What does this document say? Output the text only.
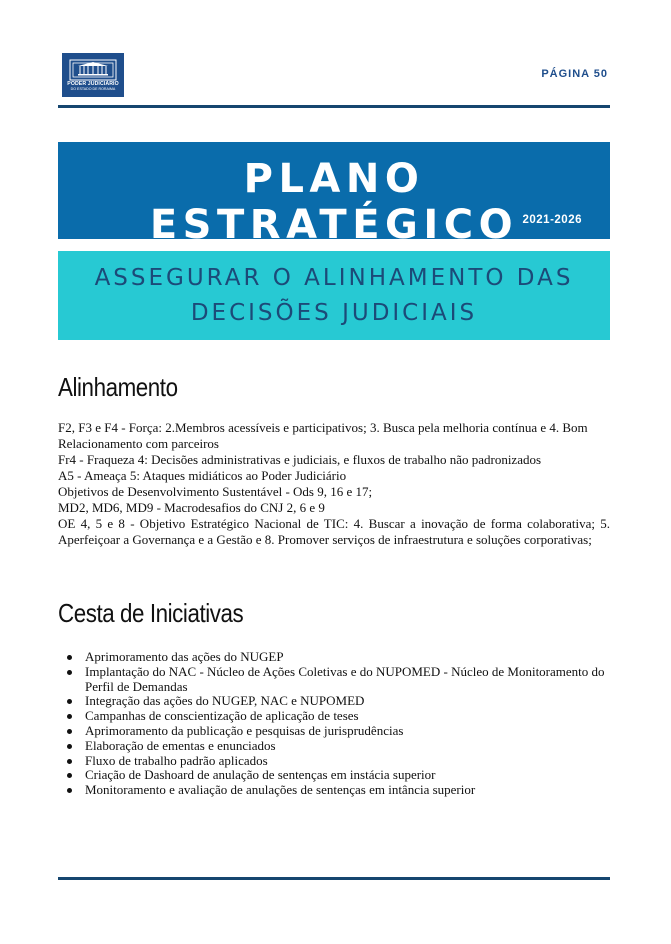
PODER JUDICIÁRIO
DO ESTADO DE RORAIMA
PÁGINA 50
PLANO ESTRATÉGICO 2021-2026
ASSEGURAR O ALINHAMENTO DAS DECISÕES JUDICIAIS
Alinhamento

F2, F3 e F4 - Força: 2.Membros acessíveis e participativos; 3. Busca pela melhoria contínua e 4. Bom Relacionamento com parceiros

Fr4 - Fraqueza 4: Decisões administrativas e judiciais, e fluxos de trabalho não padronizados

A5 - Ameaça 5: Ataques midiáticos ao Poder Judiciário

Objetivos de Desenvolvimento Sustentável - Ods 9, 16 e 17;

MD2, MD6, MD9 - Macrodesafios do CNJ 2, 6 e 9

OE 4, 5 e 8 - Objetivo Estratégico Nacional de TIC: 4. Buscar a inovação de forma colaborativa; 5. Aperfeiçoar a Governança e a Gestão e 8. Promover serviços de infraestrutura e soluções corporativas;

Cesta de Iniciativas
Aprimoramento das ações do NUGEP
Implantação do NAC - Núcleo de Ações Coletivas e do NUPOMED - Núcleo de Monitoramento do Perfil de Demandas
Integração das ações do NUGEP, NAC e NUPOMED
Campanhas de conscientização de aplicação de teses
Aprimoramento da publicação e pesquisas de jurisprudências
Elaboração de ementas e enunciados
Fluxo de trabalho padrão aplicados
Criação de Dashoard de anulação de sentenças em instácia superior
Monitoramento e avaliação de anulações de sentenças em intância superior
